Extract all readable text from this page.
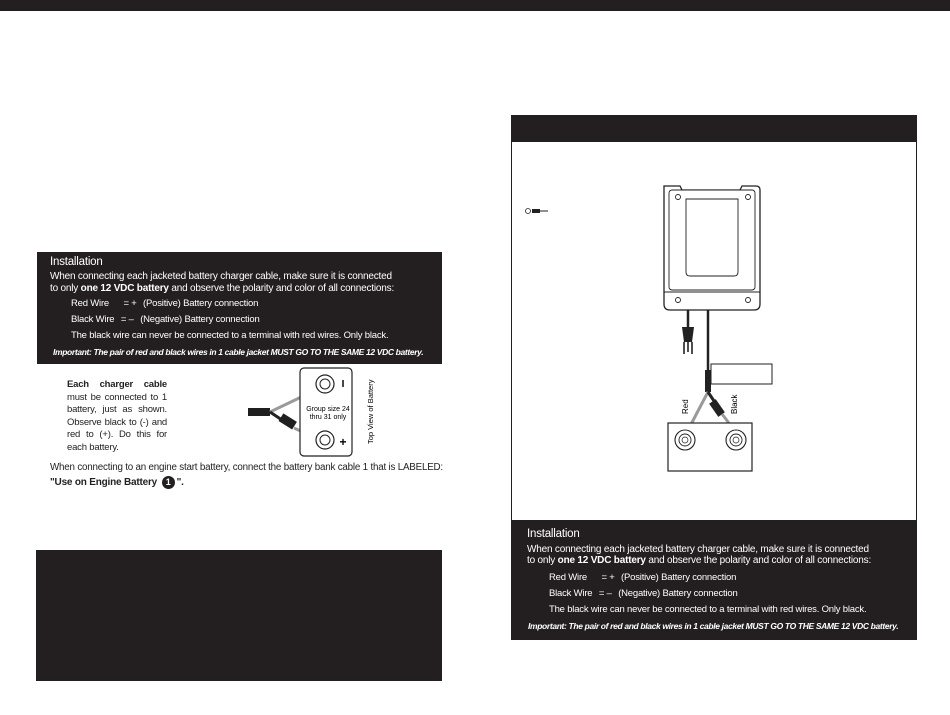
Installation
When connecting each jacketed battery charger cable, make sure it is connected
to only one 12 VDC battery and observe the polarity and color of all connections:
Red Wire = + (Positive) Battery connection
Black Wire = – (Negative) Battery connection
The black wire can never be connected to a terminal with red wires. Only black.
Important: The pair of red and black wires in 1 cable jacket MUST GO TO THE SAME 12 VDC battery.
Each charger cable must be connected to 1 battery, just as shown. Observe black to (-) and red to (+). Do this for each battery.
I
+
Group size 24
thru 31 only	Top View of Battery
When connecting to an engine start battery, connect the battery bank cable 1 that is LABELED:
"Use on Engine Battery 1 ".
Red	Black
Installation
When connecting each jacketed battery charger cable, make sure it is connected
to only one 12 VDC battery and observe the polarity and color of all connections:
Red Wire = + (Positive) Battery connection
Black Wire = – (Negative) Battery connection
The black wire can never be connected to a terminal with red wires. Only black.
Important: The pair of red and black wires in 1 cable jacket MUST GO TO THE SAME 12 VDC battery.
